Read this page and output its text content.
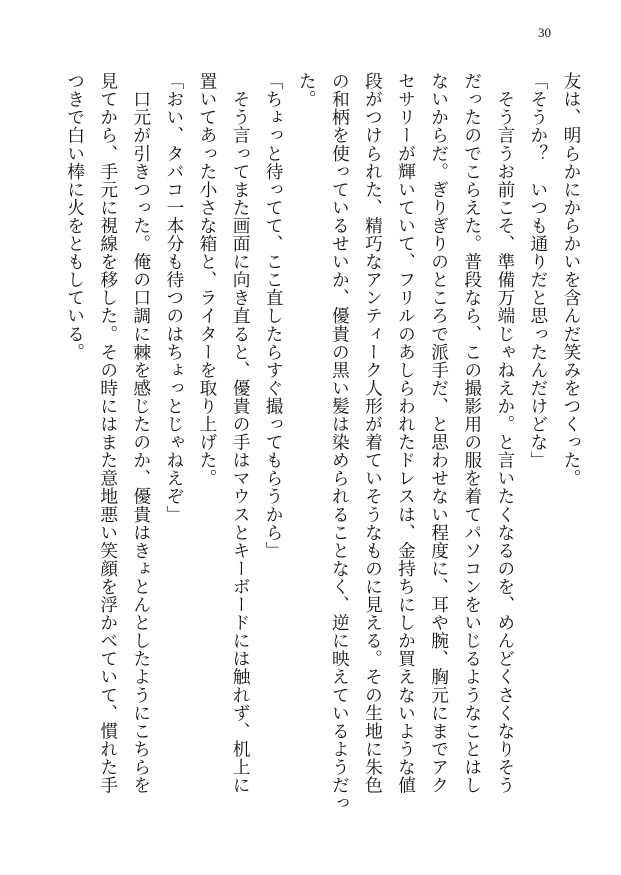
30
友は、明らかにからかいを含んだ笑みをつくった。
「そうか？　いつも通りだと思ったんだけどな」
　そう言うお前こそ、準備万端じゃねえか。と言いたくなるのを、めんどくさくなりそう
だったのでこらえた。普段なら、この撮影用の服を着てパソコンをいじるようなことはし
ないからだ。ぎりぎりのところで派手だ、と思わせない程度に、耳や腕、胸元にまでアク
セサリーが輝いていて、フリルのあしらわれたドレスは、金持ちにしか買えないような値
段がつけられた、精巧なアンティーク人形が着ていそうなものに見える。その生地に朱色
の和柄を使っているせいか、優貴の黒い髪は染められることなく、逆に映えているようだっ
た。
「ちょっと待ってて、ここ直したらすぐ撮ってもらうから」
　そう言ってまた画面に向き直ると、優貴の手はマウスとキーボードには触れず、机上に
置いてあった小さな箱と、ライターを取り上げた。
「おい、タバコ一本分も待つのはちょっとじゃねえぞ」
　口元が引きつった。俺の口調に棘を感じたのか、優貴はきょとんとしたようにこちらを
見てから、手元に視線を移した。その時にはまた意地悪い笑顔を浮かべていて、慣れた手
つきで白い棒に火をともしている。
